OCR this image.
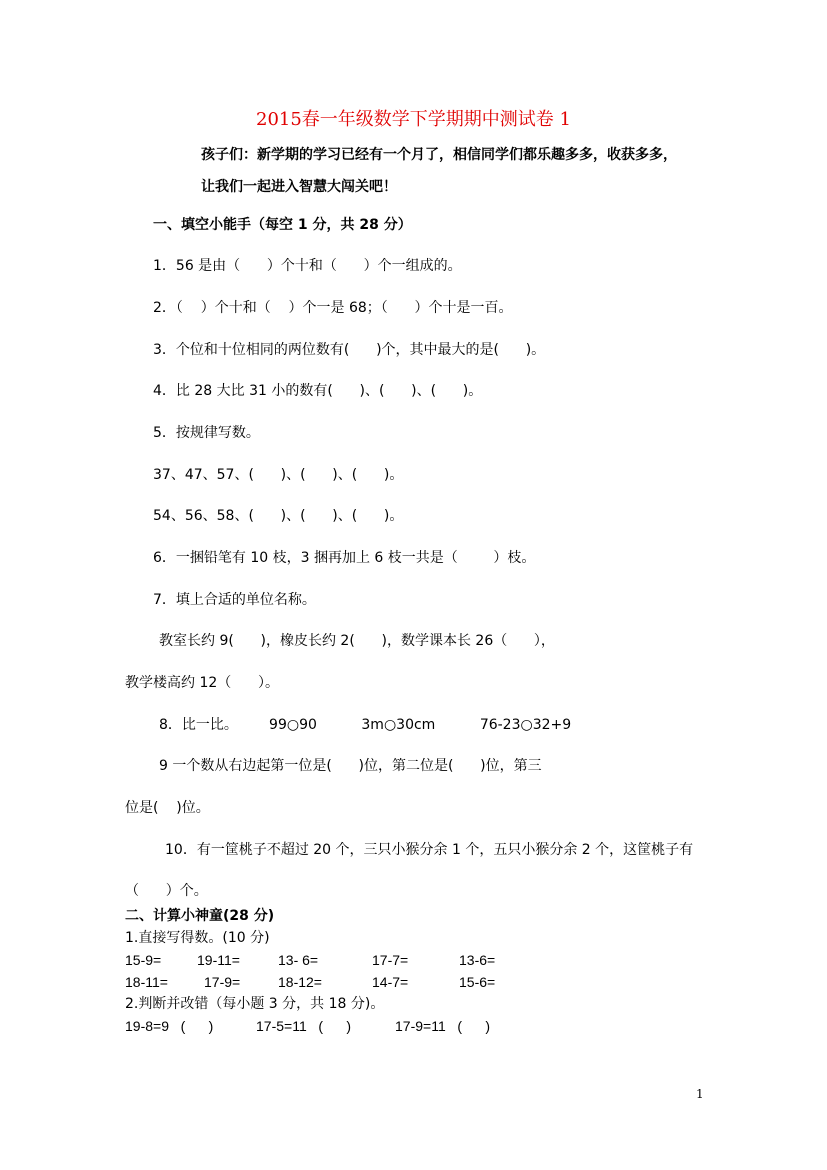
2015春一年级数学下学期期中测试卷 1
孩子们：新学期的学习已经有一个月了，相信同学们都乐趣多多，收获多多，
让我们一起进入智慧大闯关吧！
一、填空小能手（每空 1 分，共 28 分）
1．56 是由（      ）个十和（      ）个一组成的。
2．（    ）个十和（    ）个一是 68；（      ）个十是一百。
3．个位和十位相同的两位数有(      )个，其中最大的是(      )。
4．比 28 大比 31 小的数有(      )、(      )、(      )。
5．按规律写数。
37、47、57、(      )、(      )、(      )。
54、56、58、(      )、(      )、(      )。
6．一捆铅笔有 10 枝，3 捆再加上 6 枝一共是（        ）枝。
7．填上合适的单位名称。
教室长约 9(      )，橡皮长约 2(      )，数学课本长 26（      ），
教学楼高约 12（      ）。
8．比一比。       99○90          3m○30cm          76-23○32+9
9 一个数从右边起第一位是(      )位，第二位是(      )位，第三
位是(    )位。
10．有一筐桃子不超过 20 个，三只小猴分余 1 个，五只小猴分余 2 个，这筐桃子有
（      ）个。
二、计算小神童(28 分)
1.直接写得数。(10 分)
15-9=	19-11=	13- 6=	17-7=	13-6=
18-11=	17-9=	18-12=	14-7=	15-6=
2.判断并改错（每小题 3 分，共 18 分)。
19-8=9   (      )	17-5=11   (      )	17-9=11   (      )
1
